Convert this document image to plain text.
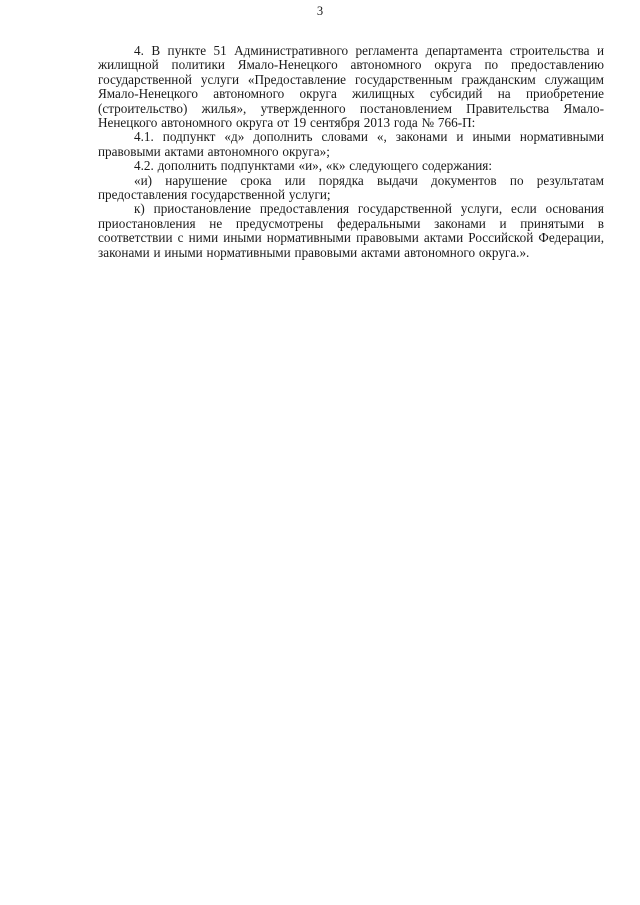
3

4. В пункте 51 Административного регламента департамента строительства и жилищной политики Ямало-Ненецкого автономного округа по предоставлению государственной услуги «Предоставление государственным гражданским служащим Ямало-Ненецкого автономного округа жилищных субсидий на приобретение (строительство) жилья», утвержденного постановлением Правительства Ямало-Ненецкого автономного округа от 19 сентября 2013 года № 766-П:

4.1. подпункт «д» дополнить словами «, законами и иными нормативными правовыми актами автономного округа»;

4.2. дополнить подпунктами «и», «к» следующего содержания:

«и) нарушение срока или порядка выдачи документов по результатам предоставления государственной услуги;

к) приостановление предоставления государственной услуги, если основания приостановления не предусмотрены федеральными законами и принятыми в соответствии с ними иными нормативными правовыми актами Российской Федерации, законами и иными нормативными правовыми актами автономного округа.».
